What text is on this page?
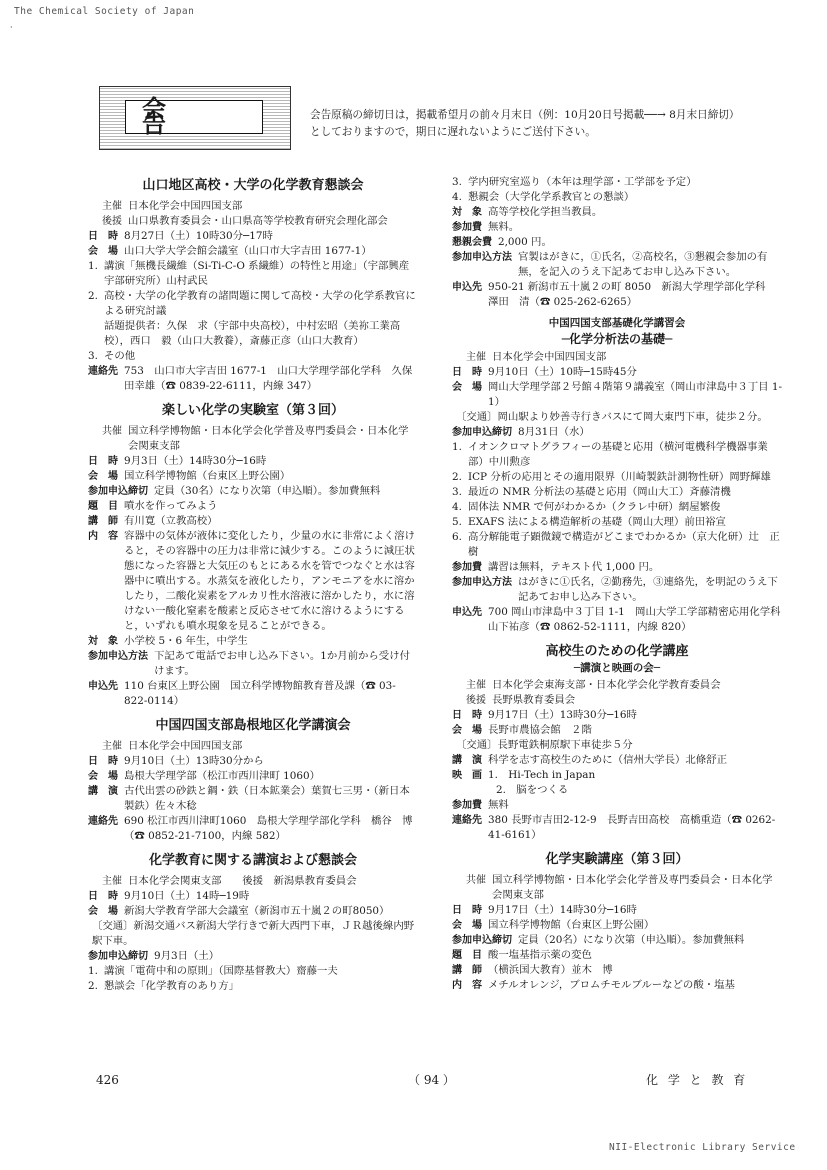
The Chemical Society of Japan
·
会　告	会告原稿の締切日は，掲載希望月の前々月末日（例：10月20日号掲載──→ 8月末日締切）
としておりますので，期日に遅れないようにご送付下さい。
山口地区高校・大学の化学教育懇談会
主催 日本化学会中国四国支部
後援 山口県教育委員会・山口県高等学校教育研究会理化部会
日　時 8月27日（土）10時30分─17時
会　場 山口大学大学会館会議室（山口市大字吉田 1677-1）
1. 講演「無機長繊維（Si-Ti-C-O 系繊維）の特性と用途」（宇部興産宇部研究所）山村武民
2. 高校・大学の化学教育の諸問題に関して高校・大学の化学系教官による研究討議
話題提供者：久保　求（宇部中央高校），中村宏昭（美祢工業高校），西口　毅（山口大教養），斎藤正彦（山口大教育）
3. その他
連絡先 753　山口市大字吉田 1677-1　山口大学理学部化学科　久保田幸雄（☎ 0839-22-6111，内線 347）
楽しい化学の実験室（第３回）
共催 国立科学博物館・日本化学会化学普及専門委員会・日本化学会関東支部
日　時 9月3日（土）14時30分─16時
会　場 国立科学博物館（台東区上野公園）
参加申込締切 定員（30名）になり次第（申込順）。参加費無料
題　目 噴水を作ってみよう
講　師 有川寛（立教高校）
内　容 容器中の気体が液体に変化したり，少量の水に非常によく溶けると，その容器中の圧力は非常に減少する。このように減圧状態になった容器と大気圧のもとにある水を管でつなぐと水は容器中に噴出する。水蒸気を液化したり，アンモニアを水に溶かしたり，二酸化炭素をアルカリ性水溶液に溶かしたり，水に溶けない一酸化窒素を酸素と反応させて水に溶けるようにすると，いずれも噴水現象を見ることができる。
対　象 小学校 5・6 年生，中学生
参加申込方法 下記あて電話でお申し込み下さい。1か月前から受け付けます。
申込先 110 台東区上野公園　国立科学博物館教育普及課（☎ 03-822-0114）
中国四国支部島根地区化学講演会
主催 日本化学会中国四国支部
日　時 9月10日（土）13時30分から
会　場 島根大学理学部（松江市西川津町 1060）
講　演 古代出雲の砂鉄と鋼・鉄（日本鉱業会）葉賀七三男・（新日本製鉄）佐々木稔
連絡先 690 松江市西川津町1060　島根大学理学部化学科　橋谷　博（☎ 0852-21-7100，内線 582）
化学教育に関する講演および懇談会
主催 日本化学会関東支部　　後援　新潟県教育委員会
日　時 9月10日（土）14時─19時
会　場 新潟大学教育学部大会議室（新潟市五十嵐２の町8050）
〔交通〕新潟交通バス新潟大学行きで新大西門下車，ＪＲ越後線内野駅下車。
参加申込締切 9月3日（土）
1. 講演「電荷中和の原則」（国際基督教大）齋藤一夫
2. 懇談会「化学教育のあり方」
3. 学内研究室巡り（本年は理学部・工学部を予定）
4. 懇親会（大学化学系教官との懇談）
対　象 高等学校化学担当教員。
参加費 無料。
懇親会費 2,000 円。
参加申込方法 官製はがきに，①氏名，②高校名，③懇親会参加の有無，を記入のうえ下記あてお申し込み下さい。
申込先 950-21 新潟市五十嵐２の町 8050　新潟大学理学部化学科　澤田　清（☎ 025-262-6265）
中国四国支部基礎化学講習会
─化学分析法の基礎─
主催 日本化学会中国四国支部
日　時 9月10日（土）10時─15時45分
会　場 岡山大学理学部２号館４階第９講義室（岡山市津島中３丁目 1-1）
〔交通〕岡山駅より妙善寺行きバスにて岡大東門下車，徒歩２分。
参加申込締切 8月31日（水）
1. イオンクロマトグラフィーの基礎と応用（横河電機科学機器事業部）中川勲彦
2. ICP 分析の応用とその適用限界（川崎製鉄計測物性研）岡野輝雄
3. 最近の NMR 分析法の基礎と応用（岡山大工）斉藤清機
4. 固体法 NMR で何がわかるか（クラレ中研）網屋繁俊
5. EXAFS 法による構造解析の基礎（岡山大理）前田裕宣
6. 高分解能電子顕微鏡で構造がどこまでわかるか（京大化研）辻　正樹
参加費 講習は無料，テキスト代 1,000 円。
参加申込方法 はがきに①氏名，②勤務先，③連絡先，を明記のうえ下記あてお申し込み下さい。
申込先 700 岡山市津島中３丁目 1-1　岡山大学工学部精密応用化学科　山下祐彦（☎ 0862-52-1111，内線 820）
高校生のための化学講座
─講演と映画の会─
主催 日本化学会東海支部・日本化学会化学教育委員会
後援 長野県教育委員会
日　時 9月17日（土）13時30分─16時
会　場 長野市農協会館　２階
〔交通〕長野電鉄桐原駅下車徒歩５分
講　演 科学を志す高校生のために（信州大学長）北條舒正
映　画 1.　Hi-Tech in Japan
2.　脳をつくる
参加費 無料
連絡先 380 長野市吉田2-12-9　長野吉田高校　高橋重造（☎ 0262-41-6161）
化学実験講座（第３回）
共催 国立科学博物館・日本化学会化学普及専門委員会・日本化学会関東支部
日　時 9月17日（土）14時30分─16時
会　場 国立科学博物館（台東区上野公園）
参加申込締切 定員（20名）になり次第（申込順）。参加費無料
題　目 酸一塩基指示薬の変色
講　師 （横浜国大教育）並木　博
内　容 メチルオレンジ，ブロムチモルブルーなどの酸・塩基
426	（ 94 ）	化 学 と 教 育
NII-Electronic Library Service
